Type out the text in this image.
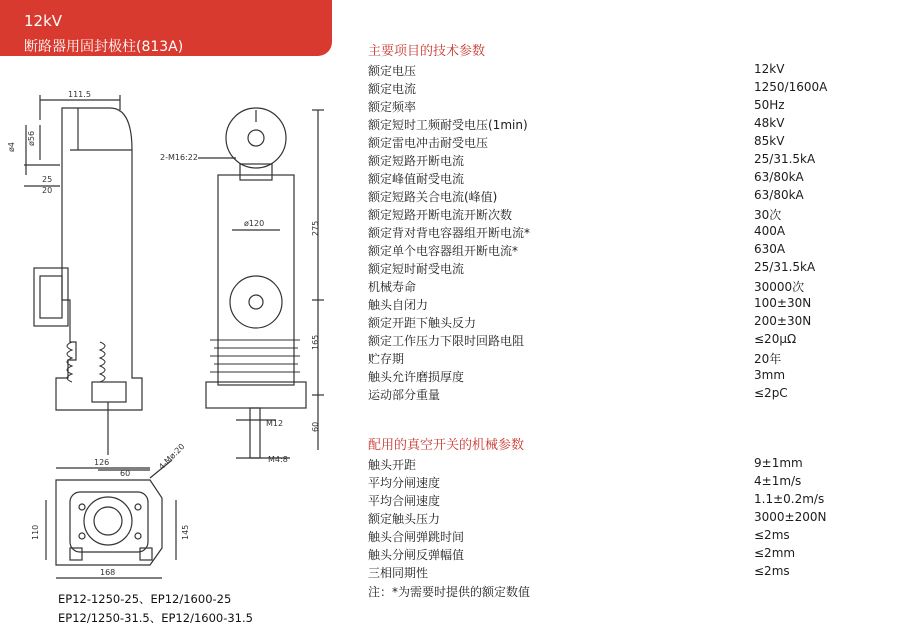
12kV
断路器用固封极柱(813A)
111.5
ø4
ø56
25
20
2-M16:22
ø120	275
165
M12	60
M4:8
126
60
4-Mø:20
110	145
168
EP12-1250-25、EP12/1600-25
EP12/1250-31.5、EP12/1600-31.5
主要项目的技术参数
额定电压	12kV
额定电流	1250/1600A
额定频率	50Hz
额定短时工频耐受电压(1min)	48kV
额定雷电冲击耐受电压	85kV
额定短路开断电流	25/31.5kA
额定峰值耐受电流	63/80kA
额定短路关合电流(峰值)	63/80kA
额定短路开断电流开断次数	30次
额定背对背电容器组开断电流*	400A
额定单个电容器组开断电流*	630A
额定短时耐受电流	25/31.5kA
机械寿命	30000次
触头自闭力	100±30N
额定开距下触头反力	200±30N
额定工作压力下限时回路电阻	≤20μΩ
贮存期	20年
触头允许磨损厚度	3mm
运动部分重量	≤2pC
配用的真空开关的机械参数
触头开距	9±1mm
平均分闸速度	4±1m/s
平均合闸速度	1.1±0.2m/s
额定触头压力	3000±200N
触头合闸弹跳时间	≤2ms
触头分闸反弹幅值	≤2mm
三相同期性	≤2ms
注：*为需要时提供的额定数值
